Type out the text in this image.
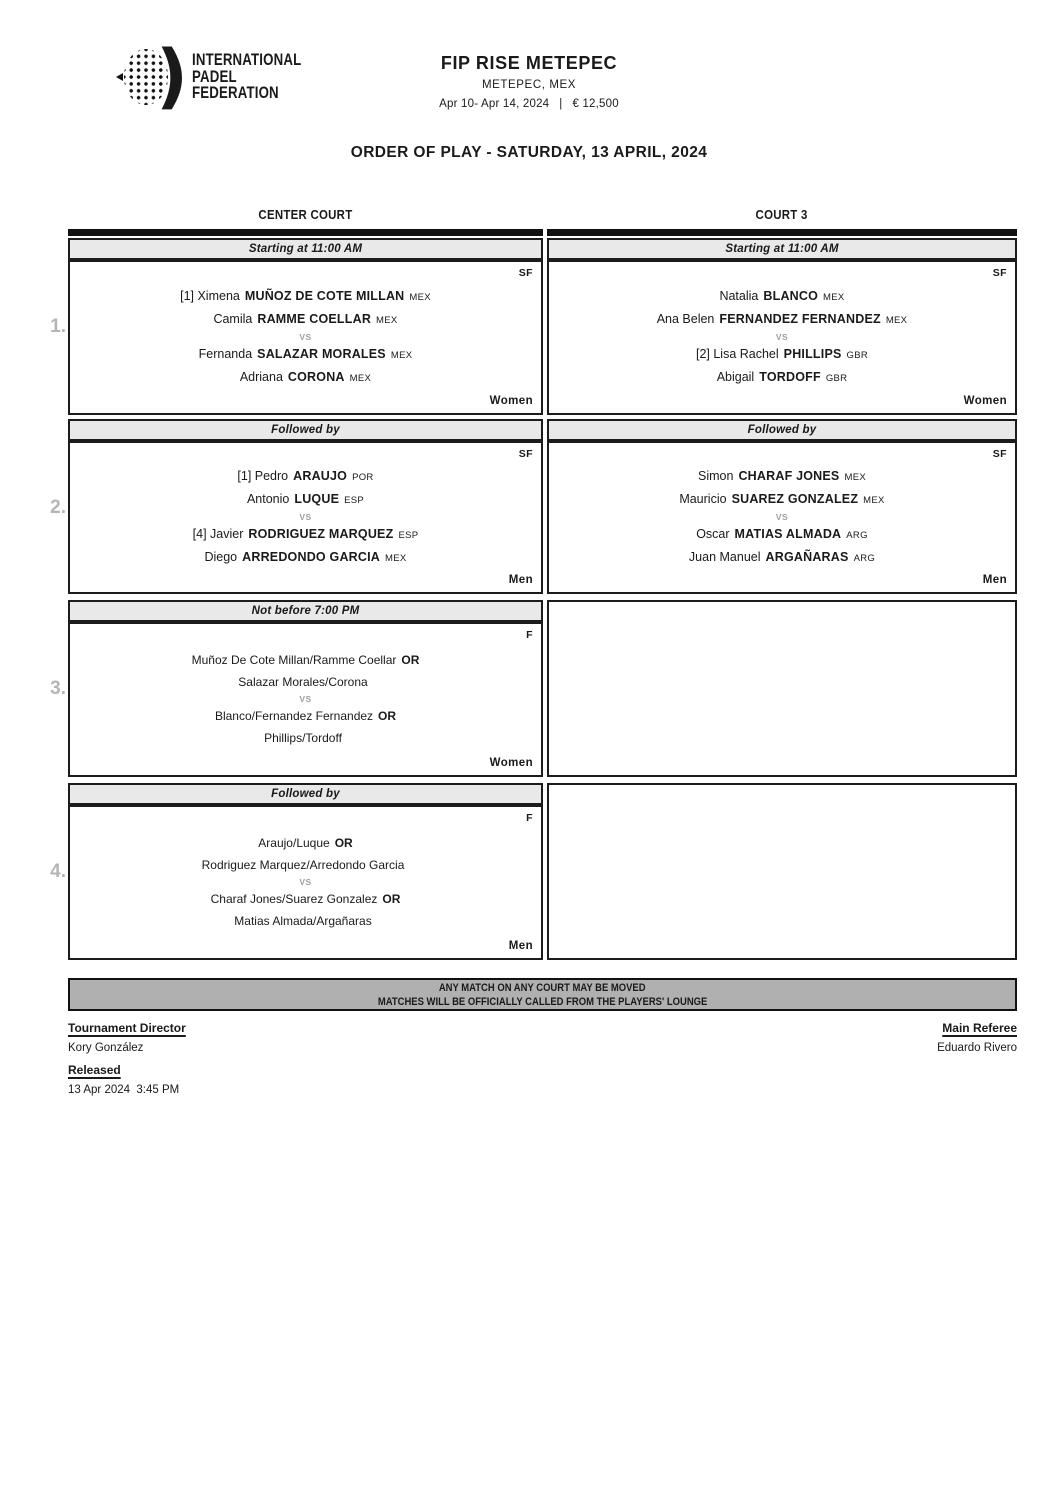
)
INTERNATIONAL
PADEL
FEDERATION
FIP RISE METEPEC
METEPEC, MEX
Apr 10- Apr 14, 2024 | € 12,500
ORDER OF PLAY - SATURDAY, 13 APRIL, 2024
CENTER COURT	COURT 3
1.
2.
3.
4.
Starting at 11:00 AM
SF
[1] Ximena MUÑOZ DE COTE MILLAN MEX
Camila RAMME COELLAR MEX
VS
Fernanda SALAZAR MORALES MEX
Adriana CORONA MEX
Women
Followed by
SF
[1] Pedro ARAUJO POR
Antonio LUQUE ESP
VS
[4] Javier RODRIGUEZ MARQUEZ ESP
Diego ARREDONDO GARCIA MEX
Men
Not before 7:00 PM
F
Muñoz De Cote Millan/Ramme Coellar OR
Salazar Morales/Corona
VS
Blanco/Fernandez Fernandez OR
Phillips/Tordoff
Women
Followed by
F
Araujo/Luque OR
Rodriguez Marquez/Arredondo Garcia
VS
Charaf Jones/Suarez Gonzalez OR
Matias Almada/Argañaras
Men
Starting at 11:00 AM
SF
Natalia BLANCO MEX
Ana Belen FERNANDEZ FERNANDEZ MEX
VS
[2] Lisa Rachel PHILLIPS GBR
Abigail TORDOFF GBR
Women
Followed by
SF
Simon CHARAF JONES MEX
Mauricio SUAREZ GONZALEZ MEX
VS
Oscar MATIAS ALMADA ARG
Juan Manuel ARGAÑARAS ARG
Men
ANY MATCH ON ANY COURT MAY BE MOVED
MATCHES WILL BE OFFICIALLY CALLED FROM THE PLAYERS' LOUNGE
Tournament Director
Kory González
Released
13 Apr 2024  3:45 PM
Main Referee
Eduardo Rivero
